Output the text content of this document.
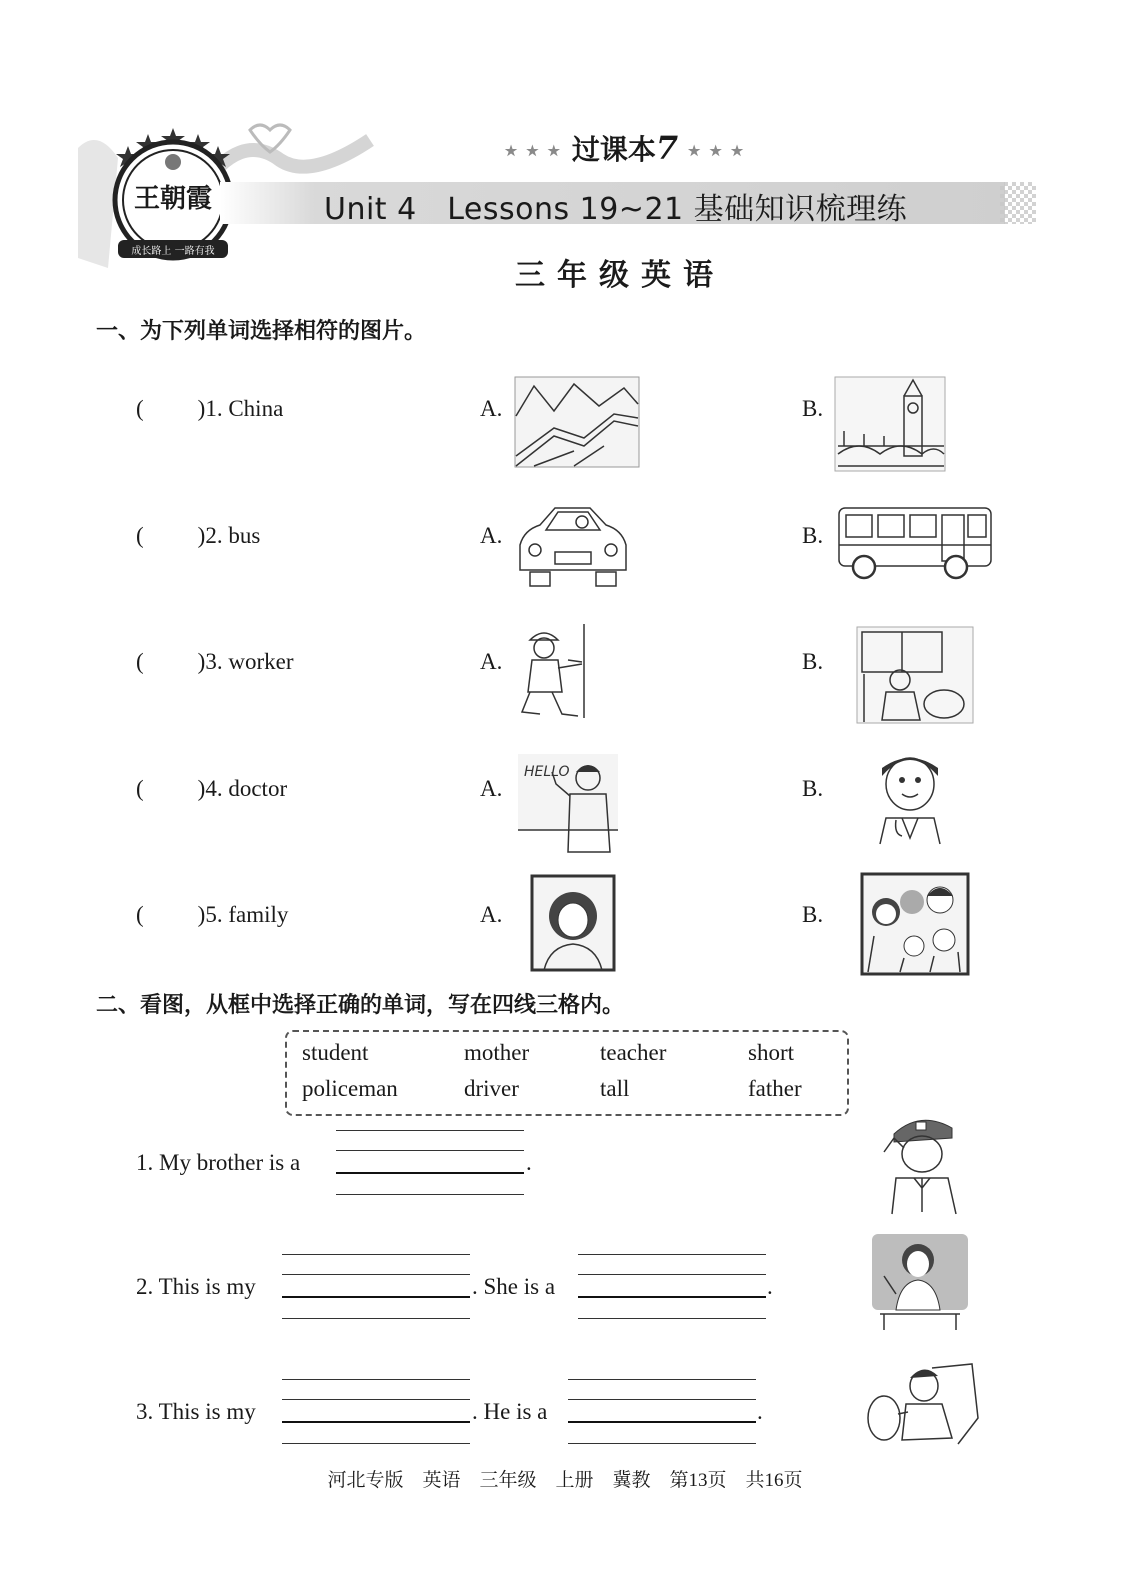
王朝霞
成长路上 一路有我
★ ★ ★ 过课本7 ★ ★ ★
Unit 4　Lessons 19~21 基础知识梳理练
三年级英语
一、为下列单词选择相符的图片。
( )1. China	A.	B.
( )2. bus	A.	B.
( )3. worker	A.	B.
( )4. doctor	A.	B.
HELLO
( )5. family	A.	B.
二、看图，从框中选择正确的单词，写在四线三格内。
student	mother	teacher	short
policeman	driver	tall	father
1. My brother is a	.
2. This is my	. She is a	.
3. This is my	. He is a	.
河北专版　英语　三年级　上册　冀教　第13页　共16页
